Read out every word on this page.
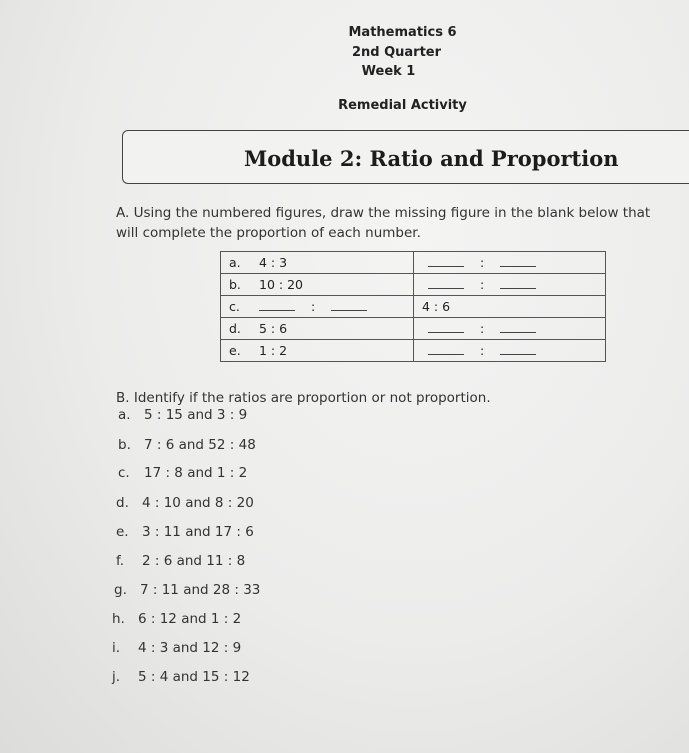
Mathematics 6
2nd Quarter
Week 1
Remedial Activity
Module 2: Ratio and Proportion
A. Using the numbered figures, draw the missing figure in the blank below that
will complete the proportion of each number.
a. 4 : 3	:
b. 10 : 20	:
c. :	4 : 6
d. 5 : 6	:
e. 1 : 2	:
B. Identify if the ratios are proportion or not proportion.
a. 5 : 15 and 3 : 9
b. 7 : 6 and 52 : 48
c. 17 : 8 and 1 : 2
d. 4 : 10 and 8 : 20
e. 3 : 11 and 17 : 6
f. 2 : 6 and 11 : 8
g. 7 : 11 and 28 : 33
h. 6 : 12 and 1 : 2
i. 4 : 3 and 12 : 9
j. 5 : 4 and 15 : 12
